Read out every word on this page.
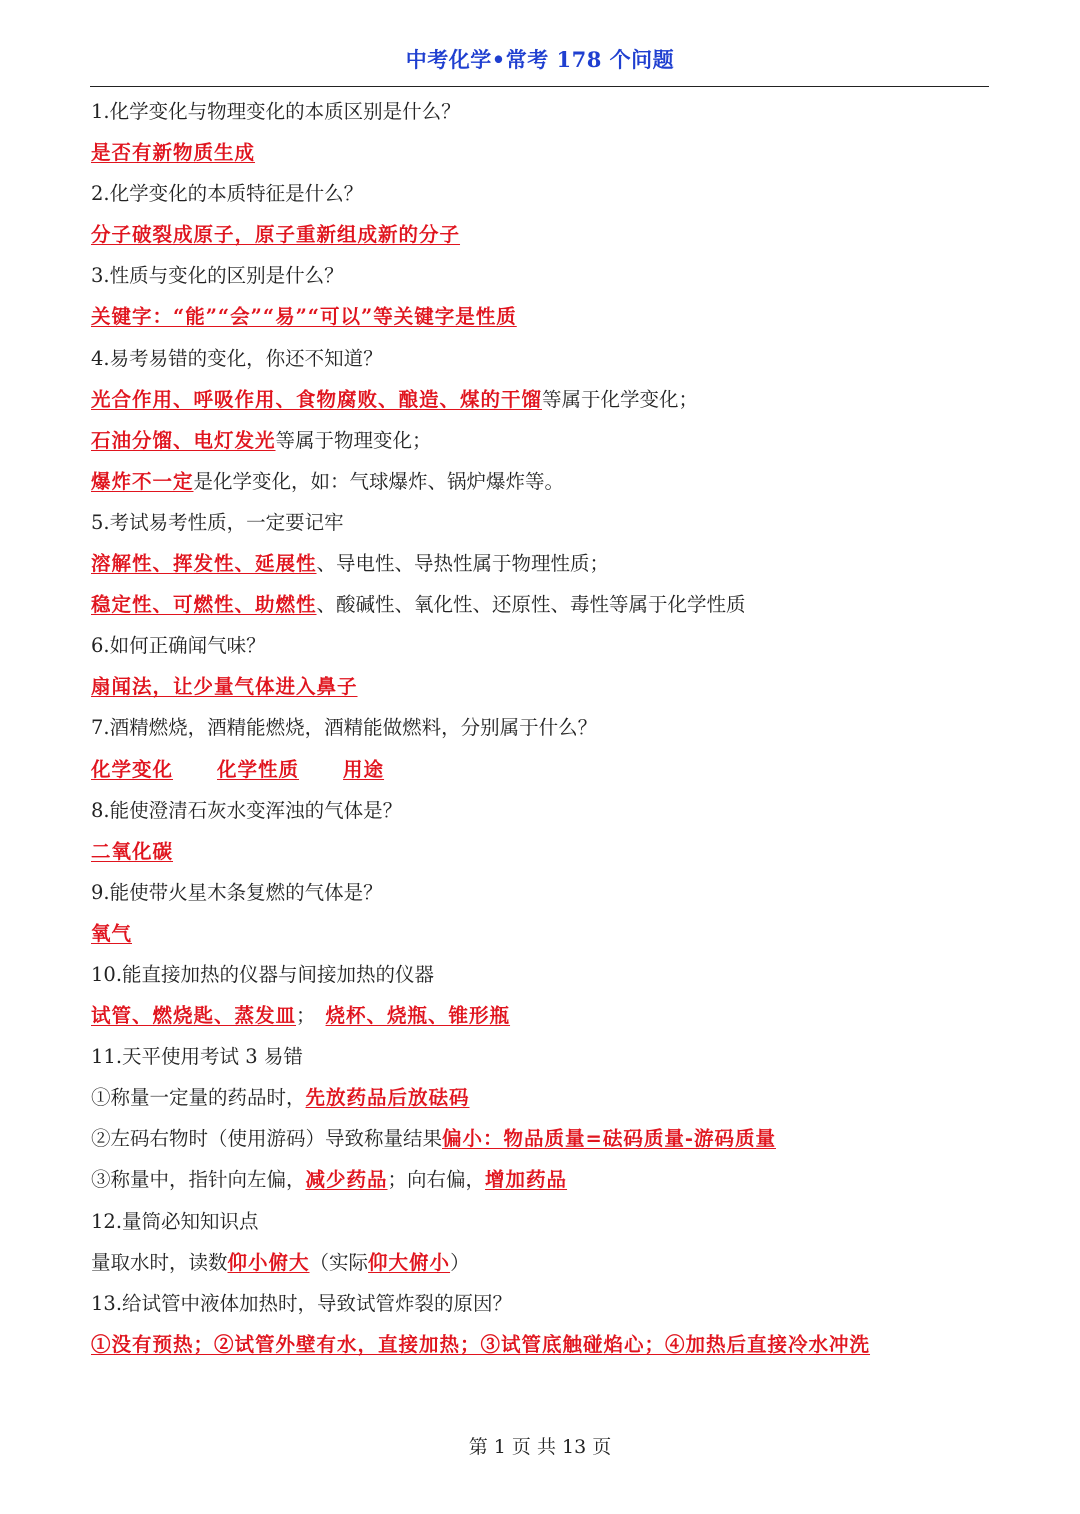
中考化学•常考 178 个问题
1.化学变化与物理变化的本质区别是什么？
是否有新物质生成
2.化学变化的本质特征是什么？
分子破裂成原子，原子重新组成新的分子
3.性质与变化的区别是什么？
关键字：“能”“会”“易”“可以”等关键字是性质
4.易考易错的变化，你还不知道？
光合作用、呼吸作用、食物腐败、酿造、煤的干馏等属于化学变化；
石油分馏、电灯发光等属于物理变化；
爆炸不一定是化学变化，如：气球爆炸、锅炉爆炸等。
5.考试易考性质，一定要记牢
溶解性、挥发性、延展性、导电性、导热性属于物理性质；
稳定性、可燃性、助燃性、酸碱性、氧化性、还原性、毒性等属于化学性质
6.如何正确闻气味？
扇闻法，让少量气体进入鼻子
7.酒精燃烧，酒精能燃烧，酒精能做燃料，分别属于什么？
化学变化 化学性质 用途
8.能使澄清石灰水变浑浊的气体是？
二氧化碳
9.能使带火星木条复燃的气体是？
氧气
10.能直接加热的仪器与间接加热的仪器
试管、燃烧匙、蒸发皿； 烧杯、烧瓶、锥形瓶
11.天平使用考试 3 易错
①称量一定量的药品时，先放药品后放砝码
②左码右物时（使用游码）导致称量结果偏小：物品质量=砝码质量-游码质量
③称量中，指针向左偏，减少药品；向右偏，增加药品
12.量筒必知知识点
量取水时，读数仰小俯大（实际仰大俯小）
13.给试管中液体加热时，导致试管炸裂的原因？
①没有预热；②试管外壁有水，直接加热；③试管底触碰焰心；④加热后直接冷水冲洗
第 1 页 共 13 页
